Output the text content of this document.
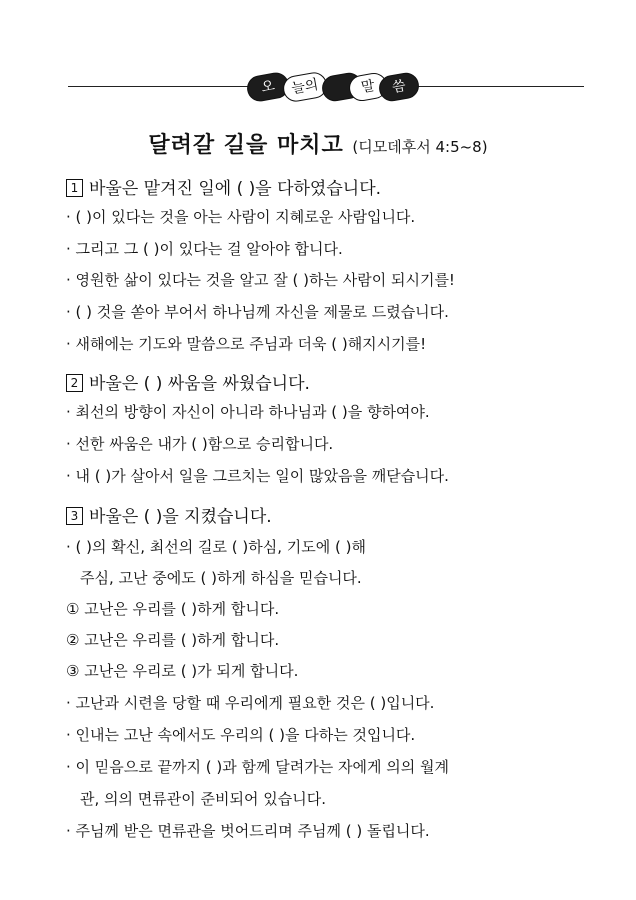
오	늘의	말	씀
달려갈 길을 마치고 (디모데후서 4:5~8)
1 바울은 맡겨진 일에 ( )을 다하였습니다.
· ( )이 있다는 것을 아는 사람이 지혜로운 사람입니다.
· 그리고 그 ( )이 있다는 걸 알아야 합니다.
· 영원한 삶이 있다는 것을 알고 잘 ( )하는 사람이 되시기를!
· ( ) 것을 쏟아 부어서 하나님께 자신을 제물로 드렸습니다.
· 새해에는 기도와 말씀으로 주님과 더욱 ( )해지시기를!
2 바울은 ( ) 싸움을 싸웠습니다.
· 최선의 방향이 자신이 아니라 하나님과 ( )을 향하여야.
· 선한 싸움은 내가 ( )함으로 승리합니다.
· 내 ( )가 살아서 일을 그르치는 일이 많았음을 깨닫습니다.
3 바울은 ( )을 지켰습니다.
· ( )의 확신, 최선의 길로 ( )하심, 기도에 ( )해
주심, 고난 중에도 ( )하게 하심을 믿습니다.
① 고난은 우리를 ( )하게 합니다.
② 고난은 우리를 ( )하게 합니다.
③ 고난은 우리로 ( )가 되게 합니다.
· 고난과 시련을 당할 때 우리에게 필요한 것은 ( )입니다.
· 인내는 고난 속에서도 우리의 ( )을 다하는 것입니다.
· 이 믿음으로 끝까지 ( )과 함께 달려가는 자에게 의의 월계
관, 의의 면류관이 준비되어 있습니다.
· 주님께 받은 면류관을 벗어드리며 주님께 ( ) 돌립니다.
